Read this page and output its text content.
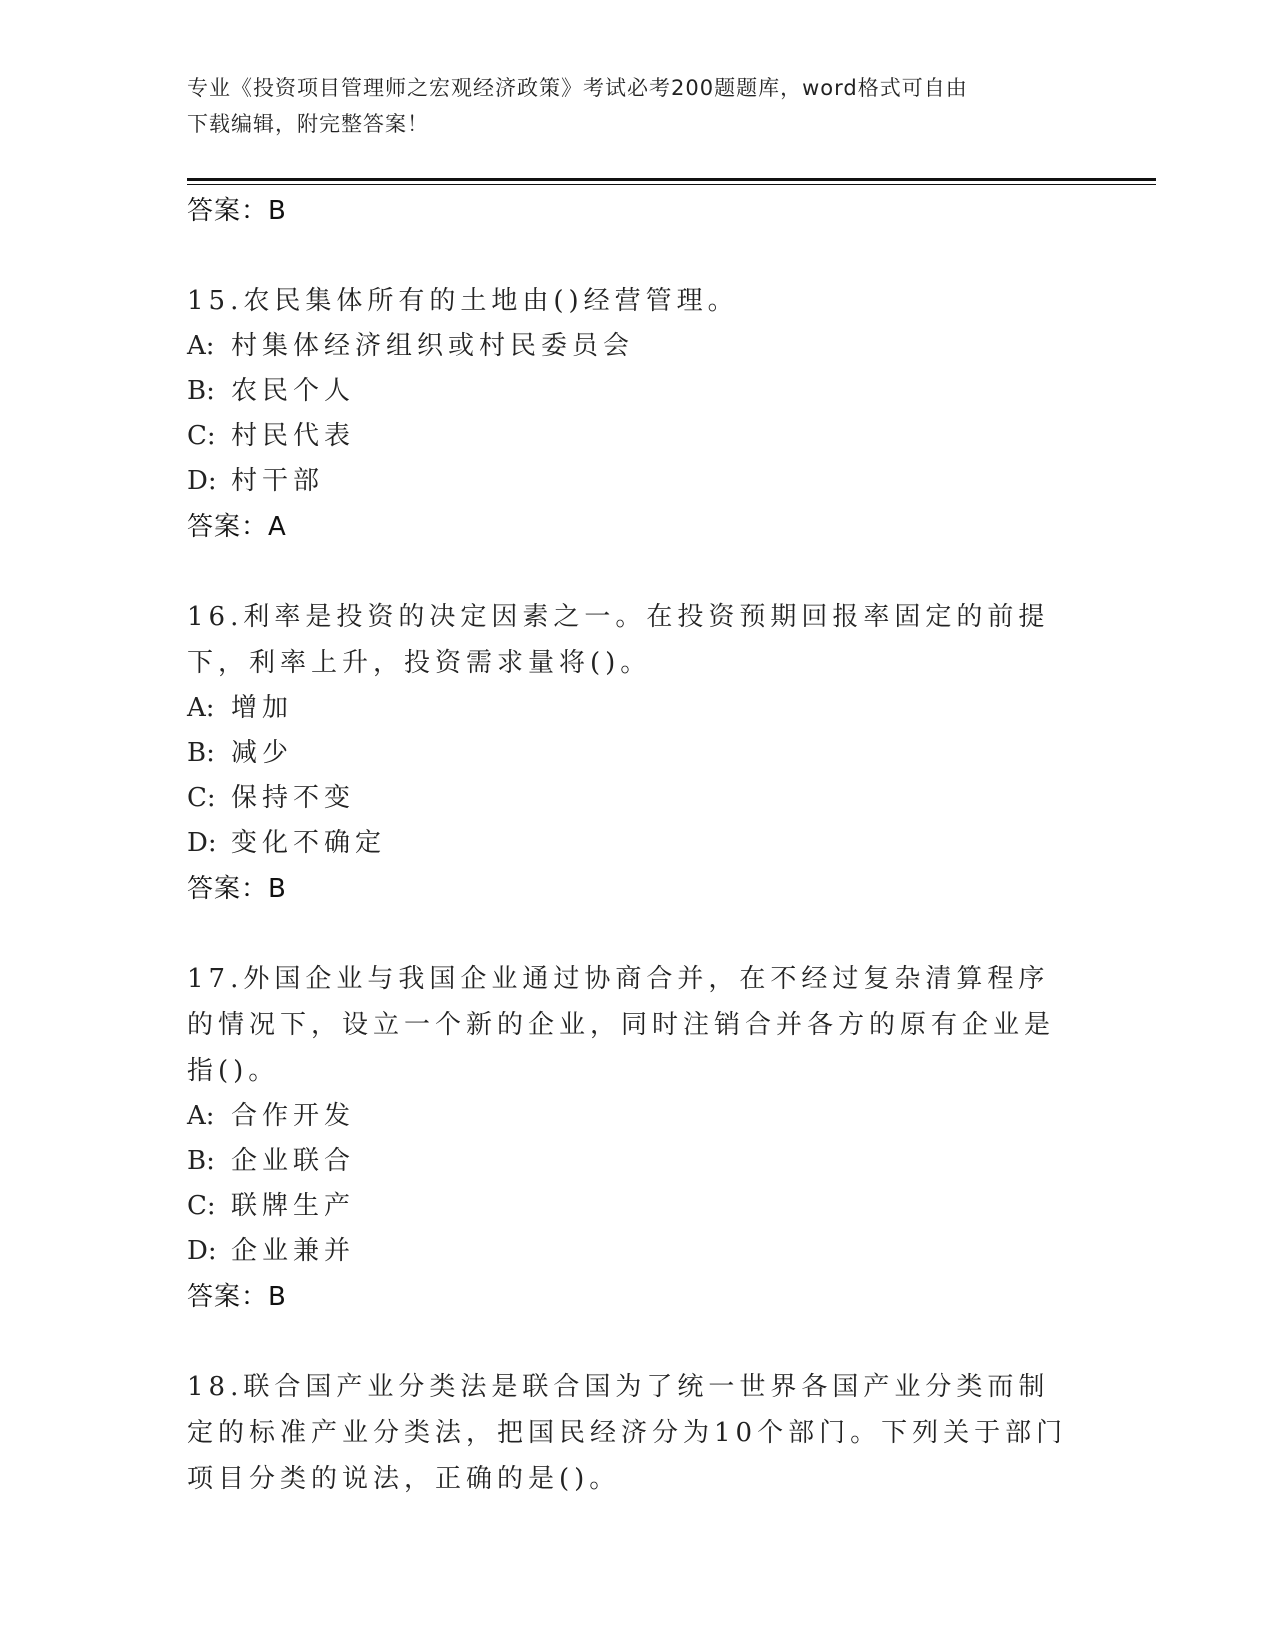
专业《投资项目管理师之宏观经济政策》考试必考200题题库，word格式可自由
下载编辑，附完整答案！
答案：B
15.农民集体所有的土地由()经营管理。
A: 村集体经济组织或村民委员会
B: 农民个人
C: 村民代表
D: 村干部
答案：A
16.利率是投资的决定因素之一。在投资预期回报率固定的前提下，利率上升，投资需求量将()。
A: 增加
B: 减少
C: 保持不变
D: 变化不确定
答案：B
17.外国企业与我国企业通过协商合并，在不经过复杂清算程序的情况下，设立一个新的企业，同时注销合并各方的原有企业是指()。
A: 合作开发
B: 企业联合
C: 联牌生产
D: 企业兼并
答案：B
18.联合国产业分类法是联合国为了统一世界各国产业分类而制定的标准产业分类法，把国民经济分为10个部门。下列关于部门项目分类的说法，正确的是()。
